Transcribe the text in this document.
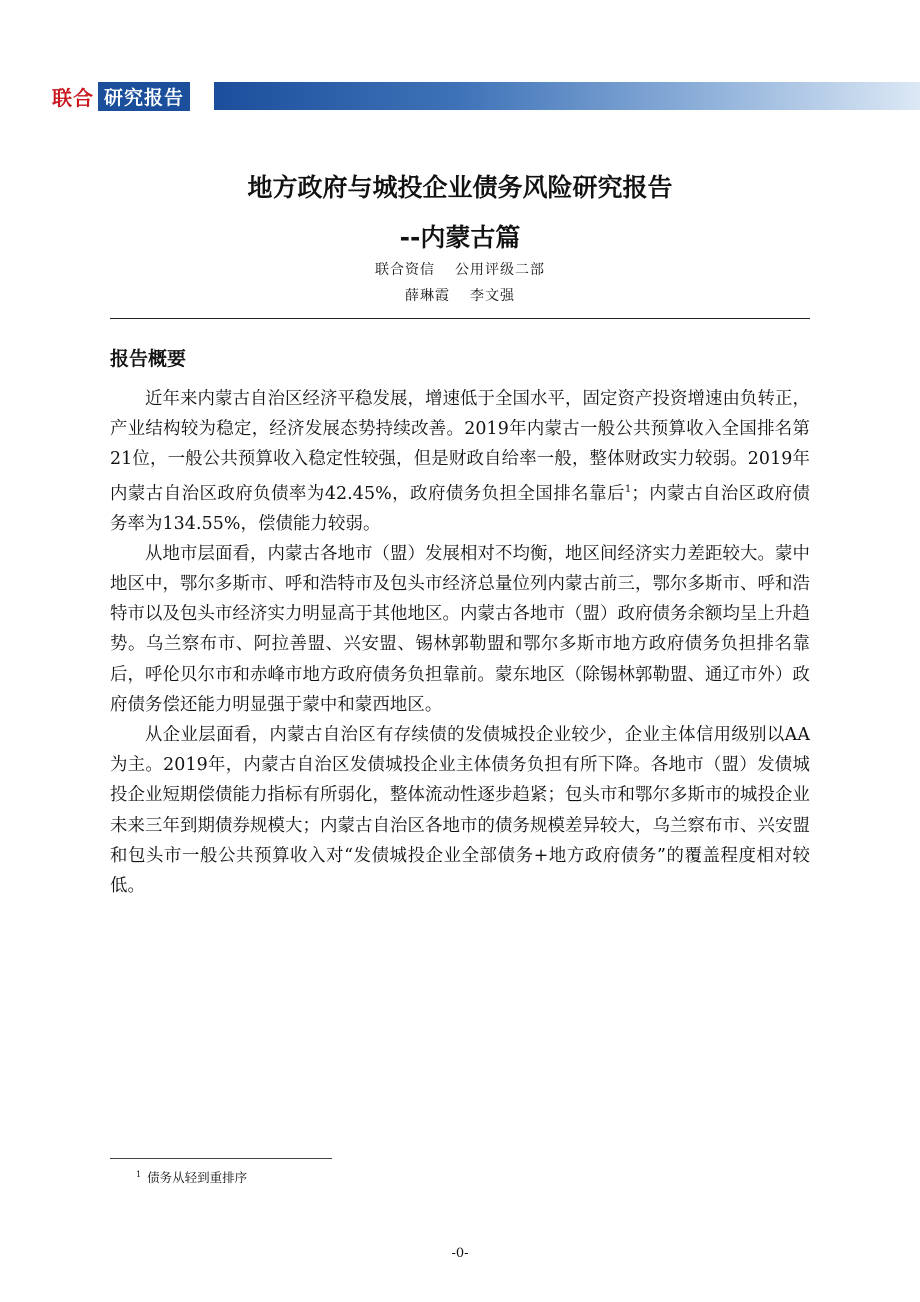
联合 研究报告
地方政府与城投企业债务风险研究报告
--内蒙古篇
联合资信 公用评级二部
薛琳霞 李文强
报告概要

近年来内蒙古自治区经济平稳发展，增速低于全国水平，固定资产投资增速由负转正，产业结构较为稳定，经济发展态势持续改善。2019年内蒙古一般公共预算收入全国排名第21位，一般公共预算收入稳定性较强，但是财政自给率一般，整体财政实力较弱。2019年内蒙古自治区政府负债率为42.45%，政府债务负担全国排名靠后$^1$；内蒙古自治区政府债务率为134.55%，偿债能力较弱。

从地市层面看，内蒙古各地市（盟）发展相对不均衡，地区间经济实力差距较大。蒙中地区中，鄂尔多斯市、呼和浩特市及包头市经济总量位列内蒙古前三，鄂尔多斯市、呼和浩特市以及包头市经济实力明显高于其他地区。内蒙古各地市（盟）政府债务余额均呈上升趋势。乌兰察布市、阿拉善盟、兴安盟、锡林郭勒盟和鄂尔多斯市地方政府债务负担排名靠后，呼伦贝尔市和赤峰市地方政府债务负担靠前。蒙东地区（除锡林郭勒盟、通辽市外）政府债务偿还能力明显强于蒙中和蒙西地区。

从企业层面看，内蒙古自治区有存续债的发债城投企业较少，企业主体信用级别以AA为主。2019年，内蒙古自治区发债城投企业主体债务负担有所下降。各地市（盟）发债城投企业短期偿债能力指标有所弱化，整体流动性逐步趋紧；包头市和鄂尔多斯市的城投企业未来三年到期债券规模大；内蒙古自治区各地市的债务规模差异较大，乌兰察布市、兴安盟和包头市一般公共预算收入对“发债城投企业全部债务+地方政府债务”的覆盖程度相对较低。

$^1$ 债务从轻到重排序
-0-
